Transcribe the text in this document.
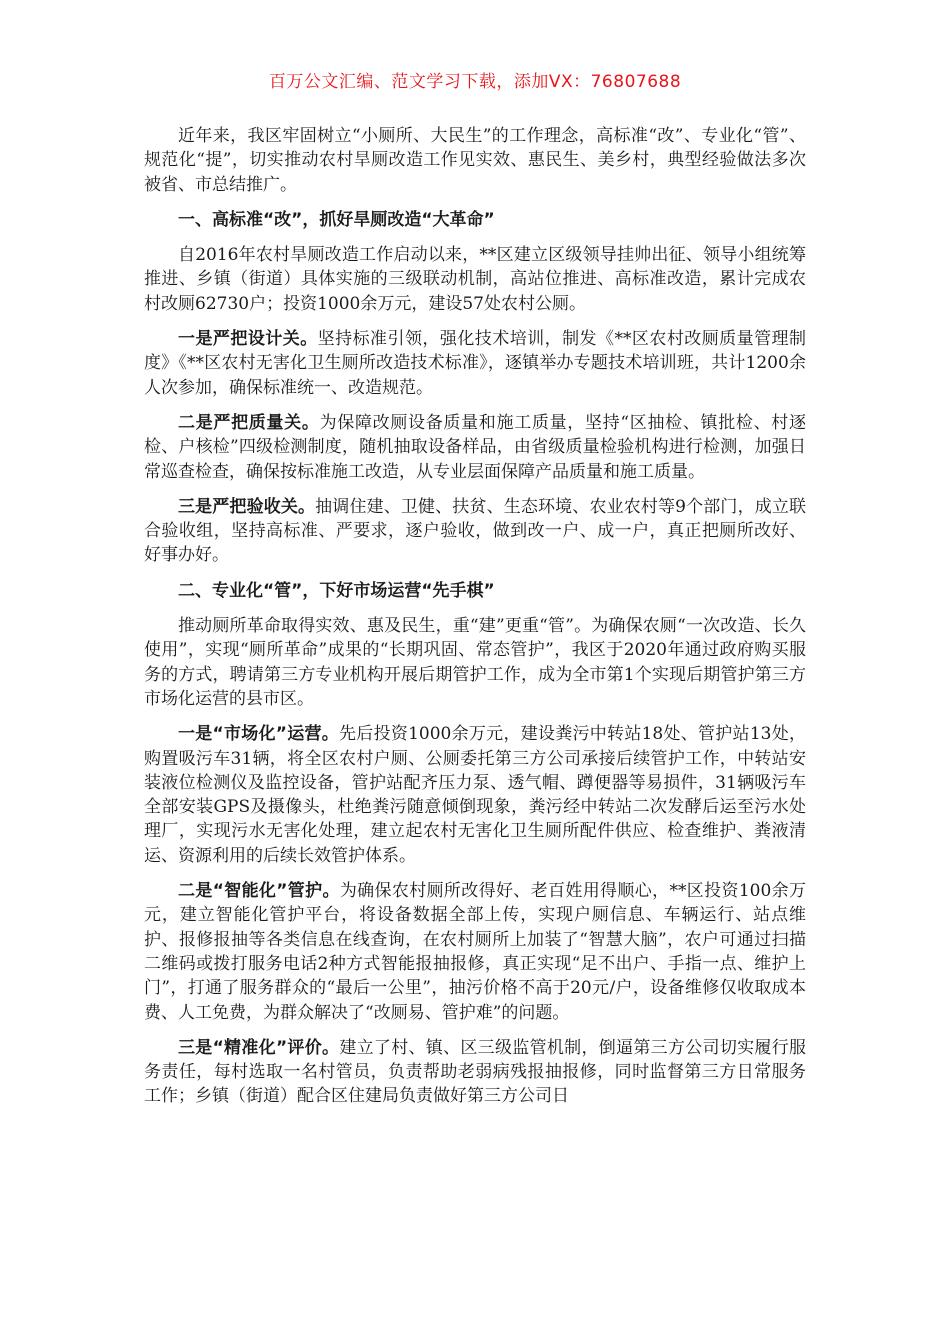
百万公文汇编、范文学习下载，添加VX：76807688

近年来，我区牢固树立“小厕所、大民生”的工作理念，高标准“改”、专业化“管”、规范化“提”，切实推动农村旱厕改造工作见实效、惠民生、美乡村，典型经验做法多次被省、市总结推广。

一、高标准“改”，抓好旱厕改造“大革命”

自2016年农村旱厕改造工作启动以来，**区建立区级领导挂帅出征、领导小组统筹推进、乡镇（街道）具体实施的三级联动机制，高站位推进、高标准改造，累计完成农村改厕62730户；投资1000余万元，建设57处农村公厕。

一是严把设计关。坚持标准引领，强化技术培训，制发《**区农村改厕质量管理制度》《**区农村无害化卫生厕所改造技术标准》，逐镇举办专题技术培训班，共计1200余人次参加，确保标准统一、改造规范。

二是严把质量关。为保障改厕设备质量和施工质量，坚持“区抽检、镇批检、村逐检、户核检”四级检测制度，随机抽取设备样品，由省级质量检验机构进行检测，加强日常巡查检查，确保按标准施工改造，从专业层面保障产品质量和施工质量。

三是严把验收关。抽调住建、卫健、扶贫、生态环境、农业农村等9个部门，成立联合验收组，坚持高标准、严要求，逐户验收，做到改一户、成一户，真正把厕所改好、好事办好。

二、专业化“管”，下好市场运营“先手棋”

推动厕所革命取得实效、惠及民生，重“建”更重“管”。为确保农厕“一次改造、长久使用”，实现“厕所革命”成果的“长期巩固、常态管护”，我区于2020年通过政府购买服务的方式，聘请第三方专业机构开展后期管护工作，成为全市第1个实现后期管护第三方市场化运营的县市区。

一是“市场化”运营。先后投资1000余万元，建设粪污中转站18处、管护站13处，购置吸污车31辆，将全区农村户厕、公厕委托第三方公司承接后续管护工作，中转站安装液位检测仪及监控设备，管护站配齐压力泵、透气帽、蹲便器等易损件，31辆吸污车全部安装GPS及摄像头，杜绝粪污随意倾倒现象，粪污经中转站二次发酵后运至污水处理厂，实现污水无害化处理，建立起农村无害化卫生厕所配件供应、检查维护、粪液清运、资源利用的后续长效管护体系。

二是“智能化”管护。为确保农村厕所改得好、老百姓用得顺心，**区投资100余万元，建立智能化管护平台，将设备数据全部上传，实现户厕信息、车辆运行、站点维护、报修报抽等各类信息在线查询，在农村厕所上加装了“智慧大脑”，农户可通过扫描二维码或拨打服务电话2种方式智能报抽报修，真正实现“足不出户、手指一点、维护上门”，打通了服务群众的“最后一公里”，抽污价格不高于20元/户，设备维修仅收取成本费、人工免费，为群众解决了“改厕易、管护难”的问题。

三是“精准化”评价。建立了村、镇、区三级监管机制，倒逼第三方公司切实履行服务责任，每村选取一名村管员，负责帮助老弱病残报抽报修，同时监督第三方日常服务工作；乡镇（街道）配合区住建局负责做好第三方公司日
